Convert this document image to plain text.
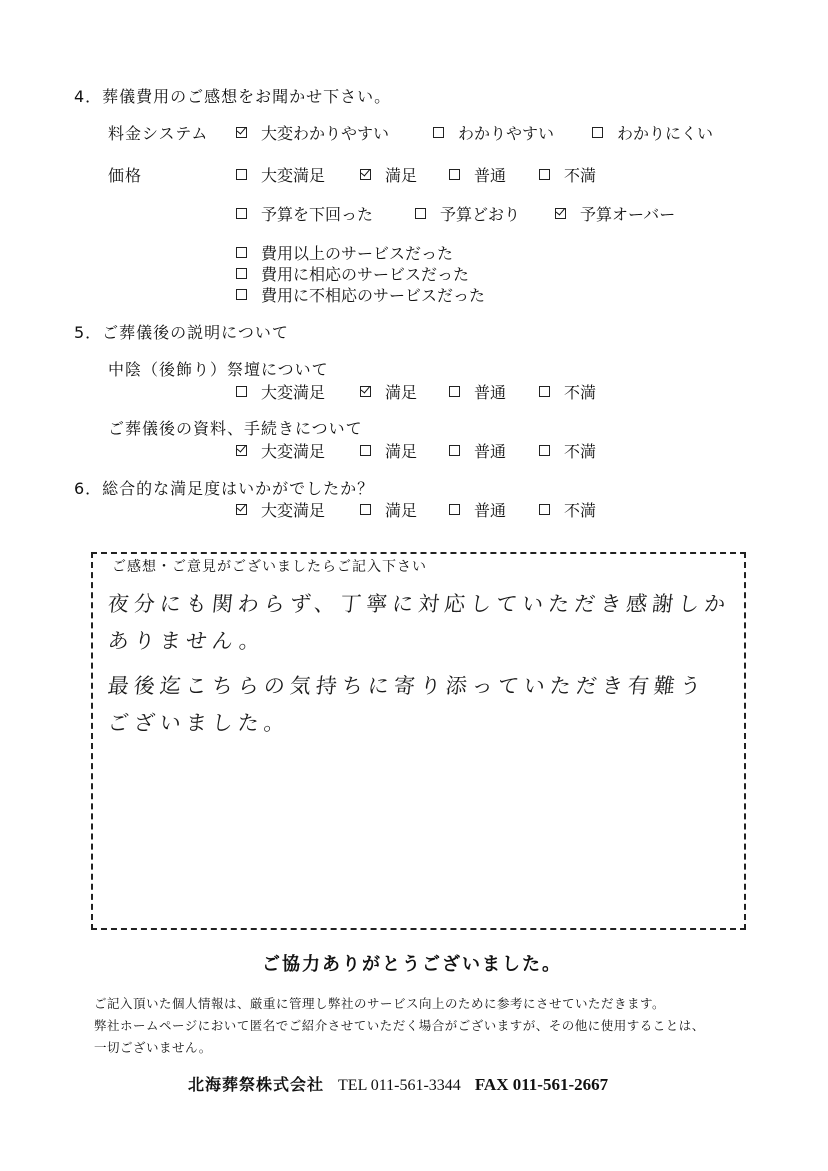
4．葬儀費用のご感想をお聞かせ下さい。
料金システム	大変わかりやすい	わかりやすい	わかりにくい
価格	大変満足	満足	普通	不満
予算を下回った	予算どおり	予算オーバー
費用以上のサービスだった
費用に相応のサービスだった
費用に不相応のサービスだった
5．ご葬儀後の説明について
中陰（後飾り）祭壇について
大変満足	満足	普通	不満
ご葬儀後の資料、手続きについて
大変満足	満足	普通	不満
6．総合的な満足度はいかがでしたか？
大変満足	満足	普通	不満
ご感想・ご意見がございましたらご記入下さい
夜分にも関わらず、丁寧に対応していただき感謝しか
ありません。
最後迄こちらの気持ちに寄り添っていただき有難う
ございました。
ご協力ありがとうございました。
ご記入頂いた個人情報は、厳重に管理し弊社のサービス向上のために参考にさせていただきます。
弊社ホームページにおいて匿名でご紹介させていただく場合がございますが、その他に使用することは、
一切ございません。
北海葬祭株式会社 TEL 011-561-3344 FAX 011-561-2667
